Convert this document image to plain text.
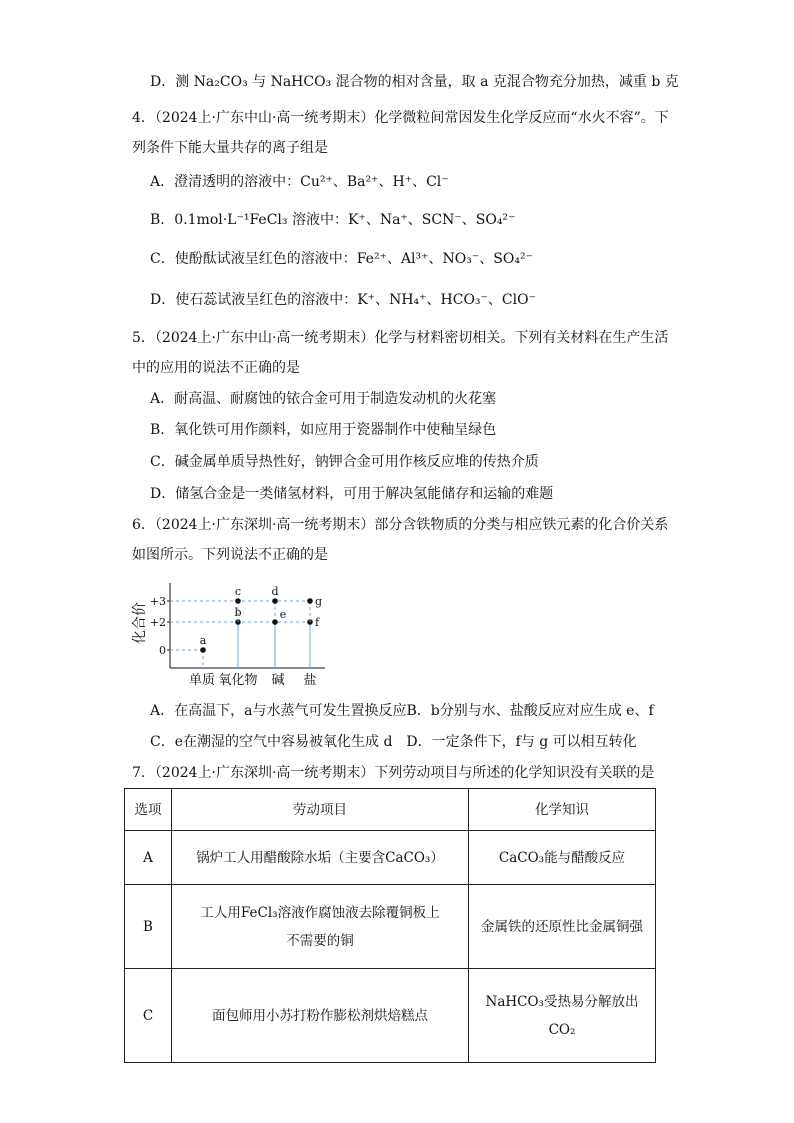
D．测 Na₂CO₃ 与 NaHCO₃ 混合物的相对含量，取 a 克混合物充分加热，减重 b 克
4．（2024上·广东中山·高一统考期末）化学微粒间常因发生化学反应而“水火不容”。下
列条件下能大量共存的离子组是
A．澄清透明的溶液中：Cu²⁺、Ba²⁺、H⁺、Cl⁻
B．0.1mol·L⁻¹FeCl₃ 溶液中：K⁺、Na⁺、SCN⁻、SO₄²⁻
C．使酚酞试液呈红色的溶液中：Fe²⁺、Al³⁺、NO₃⁻、SO₄²⁻
D．使石蕊试液呈红色的溶液中：K⁺、NH₄⁺、HCO₃⁻、ClO⁻
5．（2024上·广东中山·高一统考期末）化学与材料密切相关。下列有关材料在生产生活
中的应用的说法不正确的是
A．耐高温、耐腐蚀的铱合金可用于制造发动机的火花塞
B．氧化铁可用作颜料，如应用于瓷器制作中使釉呈绿色
C．碱金属单质导热性好，钠钾合金可用作核反应堆的传热介质
D．储氢合金是一类储氢材料，可用于解决氢能储存和运输的难题
6．（2024上·广东深圳·高一统考期末）部分含铁物质的分类与相应铁元素的化合价关系
如图所示。下列说法不正确的是
化合价
0
+2
+3
单质 氧化物 碱 盐
a
b
c	d
e
f
g
A．在高温下，a与水蒸气可发生置换反应B．b分别与水、盐酸反应对应生成 e、f
C．e在潮湿的空气中容易被氧化生成 d　D．一定条件下，f与 g 可以相互转化
7．（2024上·广东深圳·高一统考期末）下列劳动项目与所述的化学知识没有关联的是
选项	劳动项目	化学知识
A	锅炉工人用醋酸除水垢（主要含CaCO₃）	CaCO₃能与醋酸反应
B	工人用FeCl₃溶液作腐蚀液去除覆铜板上不需要的铜	金属铁的还原性比金属铜强
C	面包师用小苏打粉作膨松剂烘焙糕点	NaHCO₃受热易分解放出CO₂
